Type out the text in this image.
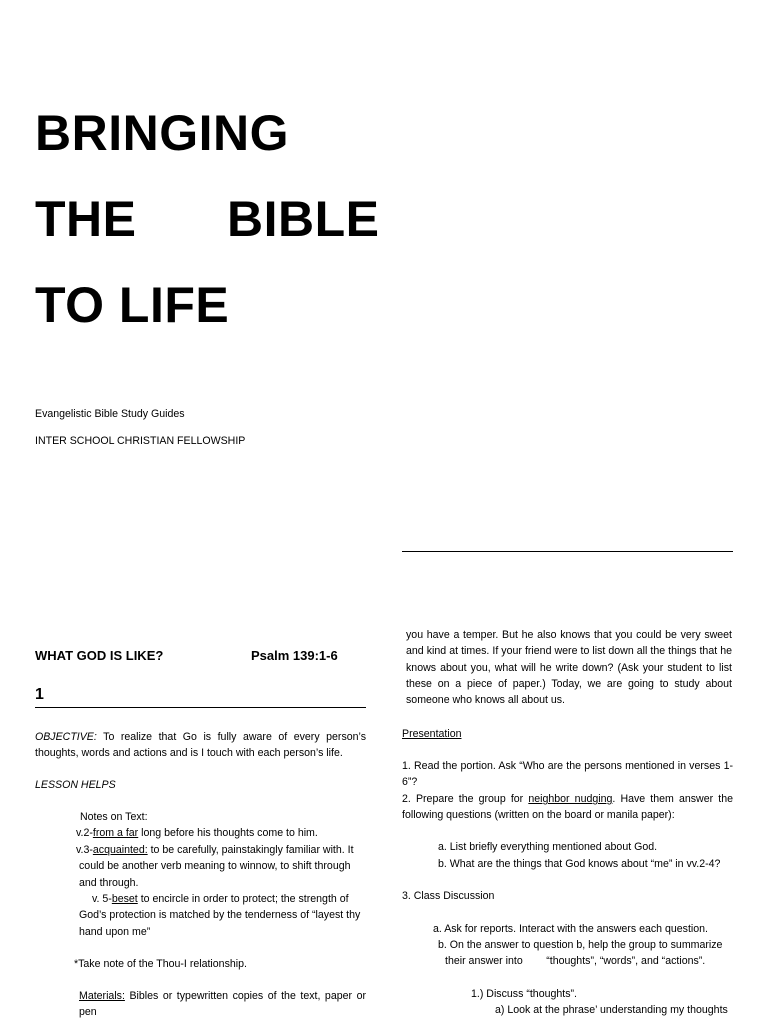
BRINGING
THE BIBLE
TO LIFE
Evangelistic Bible Study Guides
INTER SCHOOL CHRISTIAN FELLOWSHIP
WHAT GOD IS LIKE?	Psalm 139:1-6
1
OBJECTIVE: To realize that Go is fully aware of every person’s thoughts, words and actions and is I touch with each person’s life.
LESSON HELPS
Notes on Text:
v.2-from a far long before his thoughts come to him.
v.3-acquainted: to be carefully, painstakingly familiar with. It could be another verb meaning to winnow, to shift through and through.
v. 5-beset to encircle in order to protect; the strength of God’s protection is matched by the tenderness of “layest thy hand upon me”
*Take note of the Thou-I relationship.
Materials: Bibles or typewritten copies of the text, paper or pen
you have a temper. But he also knows that you could be very sweet and kind at times. If your friend were to list down all the things that he knows about you, what will he write down? (Ask your student to list these on a piece of paper.) Today, we are going to study about someone who knows all about us.
Presentation
1. Read the portion. Ask “Who are the persons mentioned in verses 1-6”?
2. Prepare the group for neighbor nudging. Have them answer the following questions (written on the board or manila paper):
a. List briefly everything mentioned about God.
b. What are the things that God knows about “me” in vv.2-4?
3. Class Discussion
a. Ask for reports. Interact with the answers each question.
b. On the answer to question b, help the group to summarize
their answer into        “thoughts”, “words”, and “actions”.
1.) Discuss “thoughts”.
a) Look at the phrase’ understanding my thoughts
